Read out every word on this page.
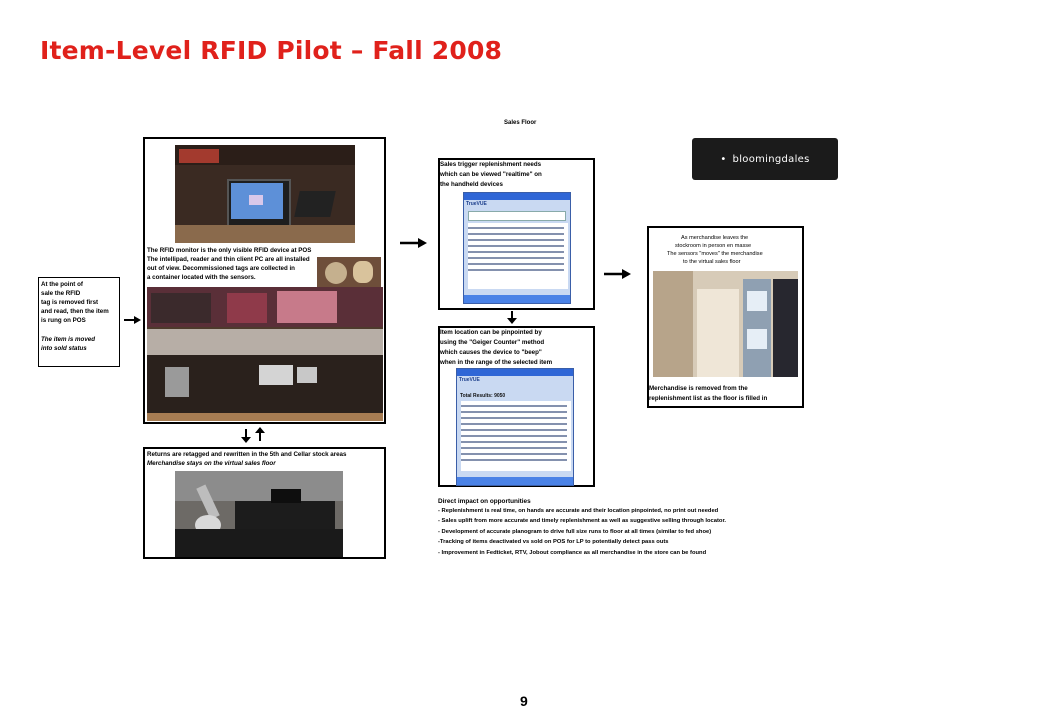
Item-Level RFID Pilot – Fall 2008
Sales Floor
At the point of
sale the RFID
tag is removed first
and read, then the item
is rung on POS
The item is moved
into sold status
The RFID monitor is the only visible RFID device at POS
The intellipad, reader and thin client PC are all installed
out of view. Decommissioned tags are collected in
a container located with the sensors.
Returns are retagged and rewritten in the 5th and Cellar stock areas
Merchandise stays on the virtual sales floor
Sales trigger replenishment needs
which can be viewed "realtime" on
the handheld devices
TrueVUE
Item location can be pinpointed by
using the "Geiger Counter" method
which causes the device to "beep"
when in the range of the selected item
TrueVUE
Total Results: 9050
• bloomingdales
As merchandise leaves the
stockroom in person en masse
The sensors "moves" the merchandise
to the virtual sales floor
Merchandise is removed from the
replenishment list as the floor is filled in
Direct impact on opportunities
- Replenishment is real time, on hands are accurate and their location pinpointed, no print out needed
- Sales uplift from more accurate and timely replenishment as well as suggestive selling through locator.
- Development of accurate planogram to drive full size runs to floor at all times (similar to fed shoe)
-Tracking of items deactivated vs sold on POS for LP to potentially detect pass outs
- Improvement in Fedticket, RTV, Jobout compliance as all merchandise in the store can be found
9
